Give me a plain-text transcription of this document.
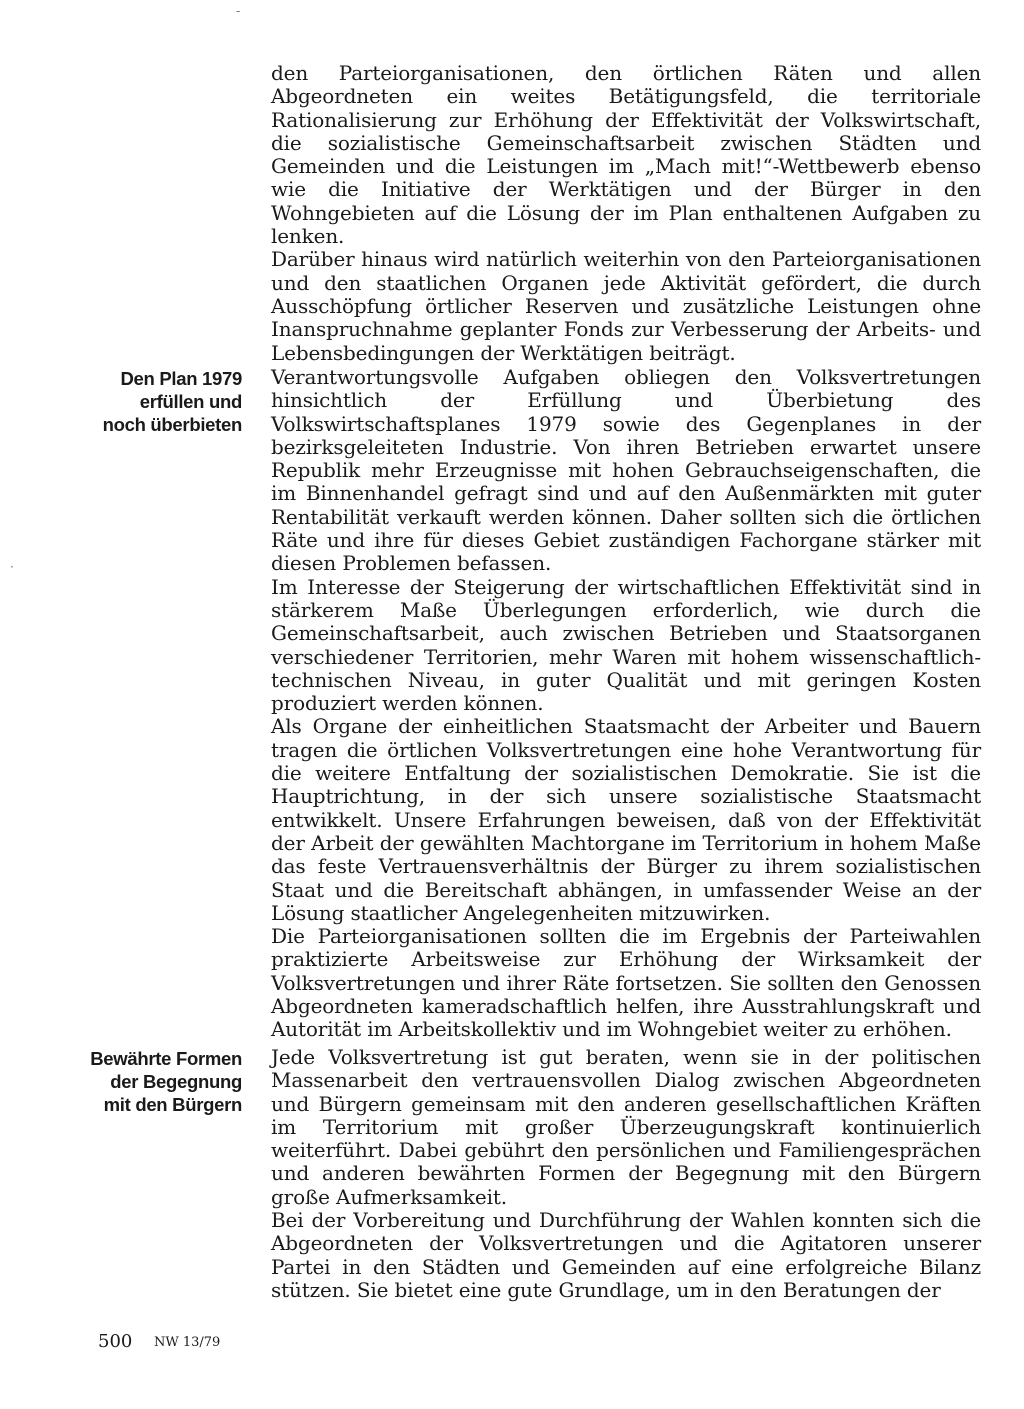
-
·

den Parteiorganisationen, den örtlichen Räten und allen Abgeordneten ein weites Betätigungsfeld, die territoriale Rationalisierung zur Erhöhung der Effektivität der Volkswirtschaft, die sozialistische Gemeinschaftsarbeit zwischen Städten und Gemeinden und die Leistungen im „Mach mit!“-Wettbewerb ebenso wie die Initiative der Werktätigen und der Bürger in den Wohngebieten auf die Lösung der im Plan enthaltenen Aufgaben zu lenken.

Darüber hinaus wird natürlich weiterhin von den Parteiorganisationen und den staatlichen Organen jede Aktivität gefördert, die durch Ausschöpfung örtlicher Reserven und zusätzliche Leistungen ohne Inanspruchnahme geplanter Fonds zur Verbesserung der Arbeits- und Lebensbedingungen der Werktätigen beiträgt.

Den Plan 1979
erfüllen und
noch überbieten

Verantwortungsvolle Aufgaben obliegen den Volksvertretungen hinsichtlich der Erfüllung und Überbietung des Volkswirtschaftsplanes 1979 sowie des Gegenplanes in der bezirksgeleiteten Industrie. Von ihren Betrieben erwartet unsere Republik mehr Erzeugnisse mit hohen Gebrauchseigenschaften, die im Binnenhandel gefragt sind und auf den Außenmärkten mit guter Rentabilität verkauft werden können. Daher sollten sich die örtlichen Räte und ihre für dieses Gebiet zuständigen Fachorgane stärker mit diesen Problemen befassen.

Im Interesse der Steigerung der wirtschaftlichen Effektivität sind in stärkerem Maße Überlegungen erforderlich, wie durch die Gemeinschaftsarbeit, auch zwischen Betrieben und Staatsorganen verschiedener Territorien, mehr Waren mit hohem wissenschaftlich-technischen Niveau, in guter Qualität und mit geringen Kosten produziert werden können.

Als Organe der einheitlichen Staatsmacht der Arbeiter und Bauern tragen die örtlichen Volksvertretungen eine hohe Verantwortung für die weitere Entfaltung der sozialistischen Demokratie. Sie ist die Hauptrichtung, in der sich unsere sozialistische Staatsmacht entwikkelt. Unsere Erfahrungen beweisen, daß von der Effektivität der Arbeit der gewählten Machtorgane im Territorium in hohem Maße das feste Vertrauensverhältnis der Bürger zu ihrem sozialistischen Staat und die Bereitschaft abhängen, in umfassender Weise an der Lösung staatlicher Angelegenheiten mitzuwirken.

Die Parteiorganisationen sollten die im Ergebnis der Parteiwahlen praktizierte Arbeitsweise zur Erhöhung der Wirksamkeit der Volksvertretungen und ihrer Räte fortsetzen. Sie sollten den Genossen Abgeordneten kameradschaftlich helfen, ihre Ausstrahlungskraft und Autorität im Arbeitskollektiv und im Wohngebiet weiter zu erhöhen.

Bewährte Formen
der Begegnung
mit den Bürgern

Jede Volksvertretung ist gut beraten, wenn sie in der politischen Massenarbeit den vertrauensvollen Dialog zwischen Abgeordneten und Bürgern gemeinsam mit den anderen gesellschaftlichen Kräften im Territorium mit großer Überzeugungskraft kontinuierlich weiterführt. Dabei gebührt den persönlichen und Familiengesprächen und anderen bewährten Formen der Begegnung mit den Bürgern große Aufmerksamkeit.

Bei der Vorbereitung und Durchführung der Wahlen konnten sich die Abgeordneten der Volksvertretungen und die Agitatoren unserer Partei in den Städten und Gemeinden auf eine erfolgreiche Bilanz stützen. Sie bietet eine gute Grundlage, um in den Beratungen der

500 NW 13/79
